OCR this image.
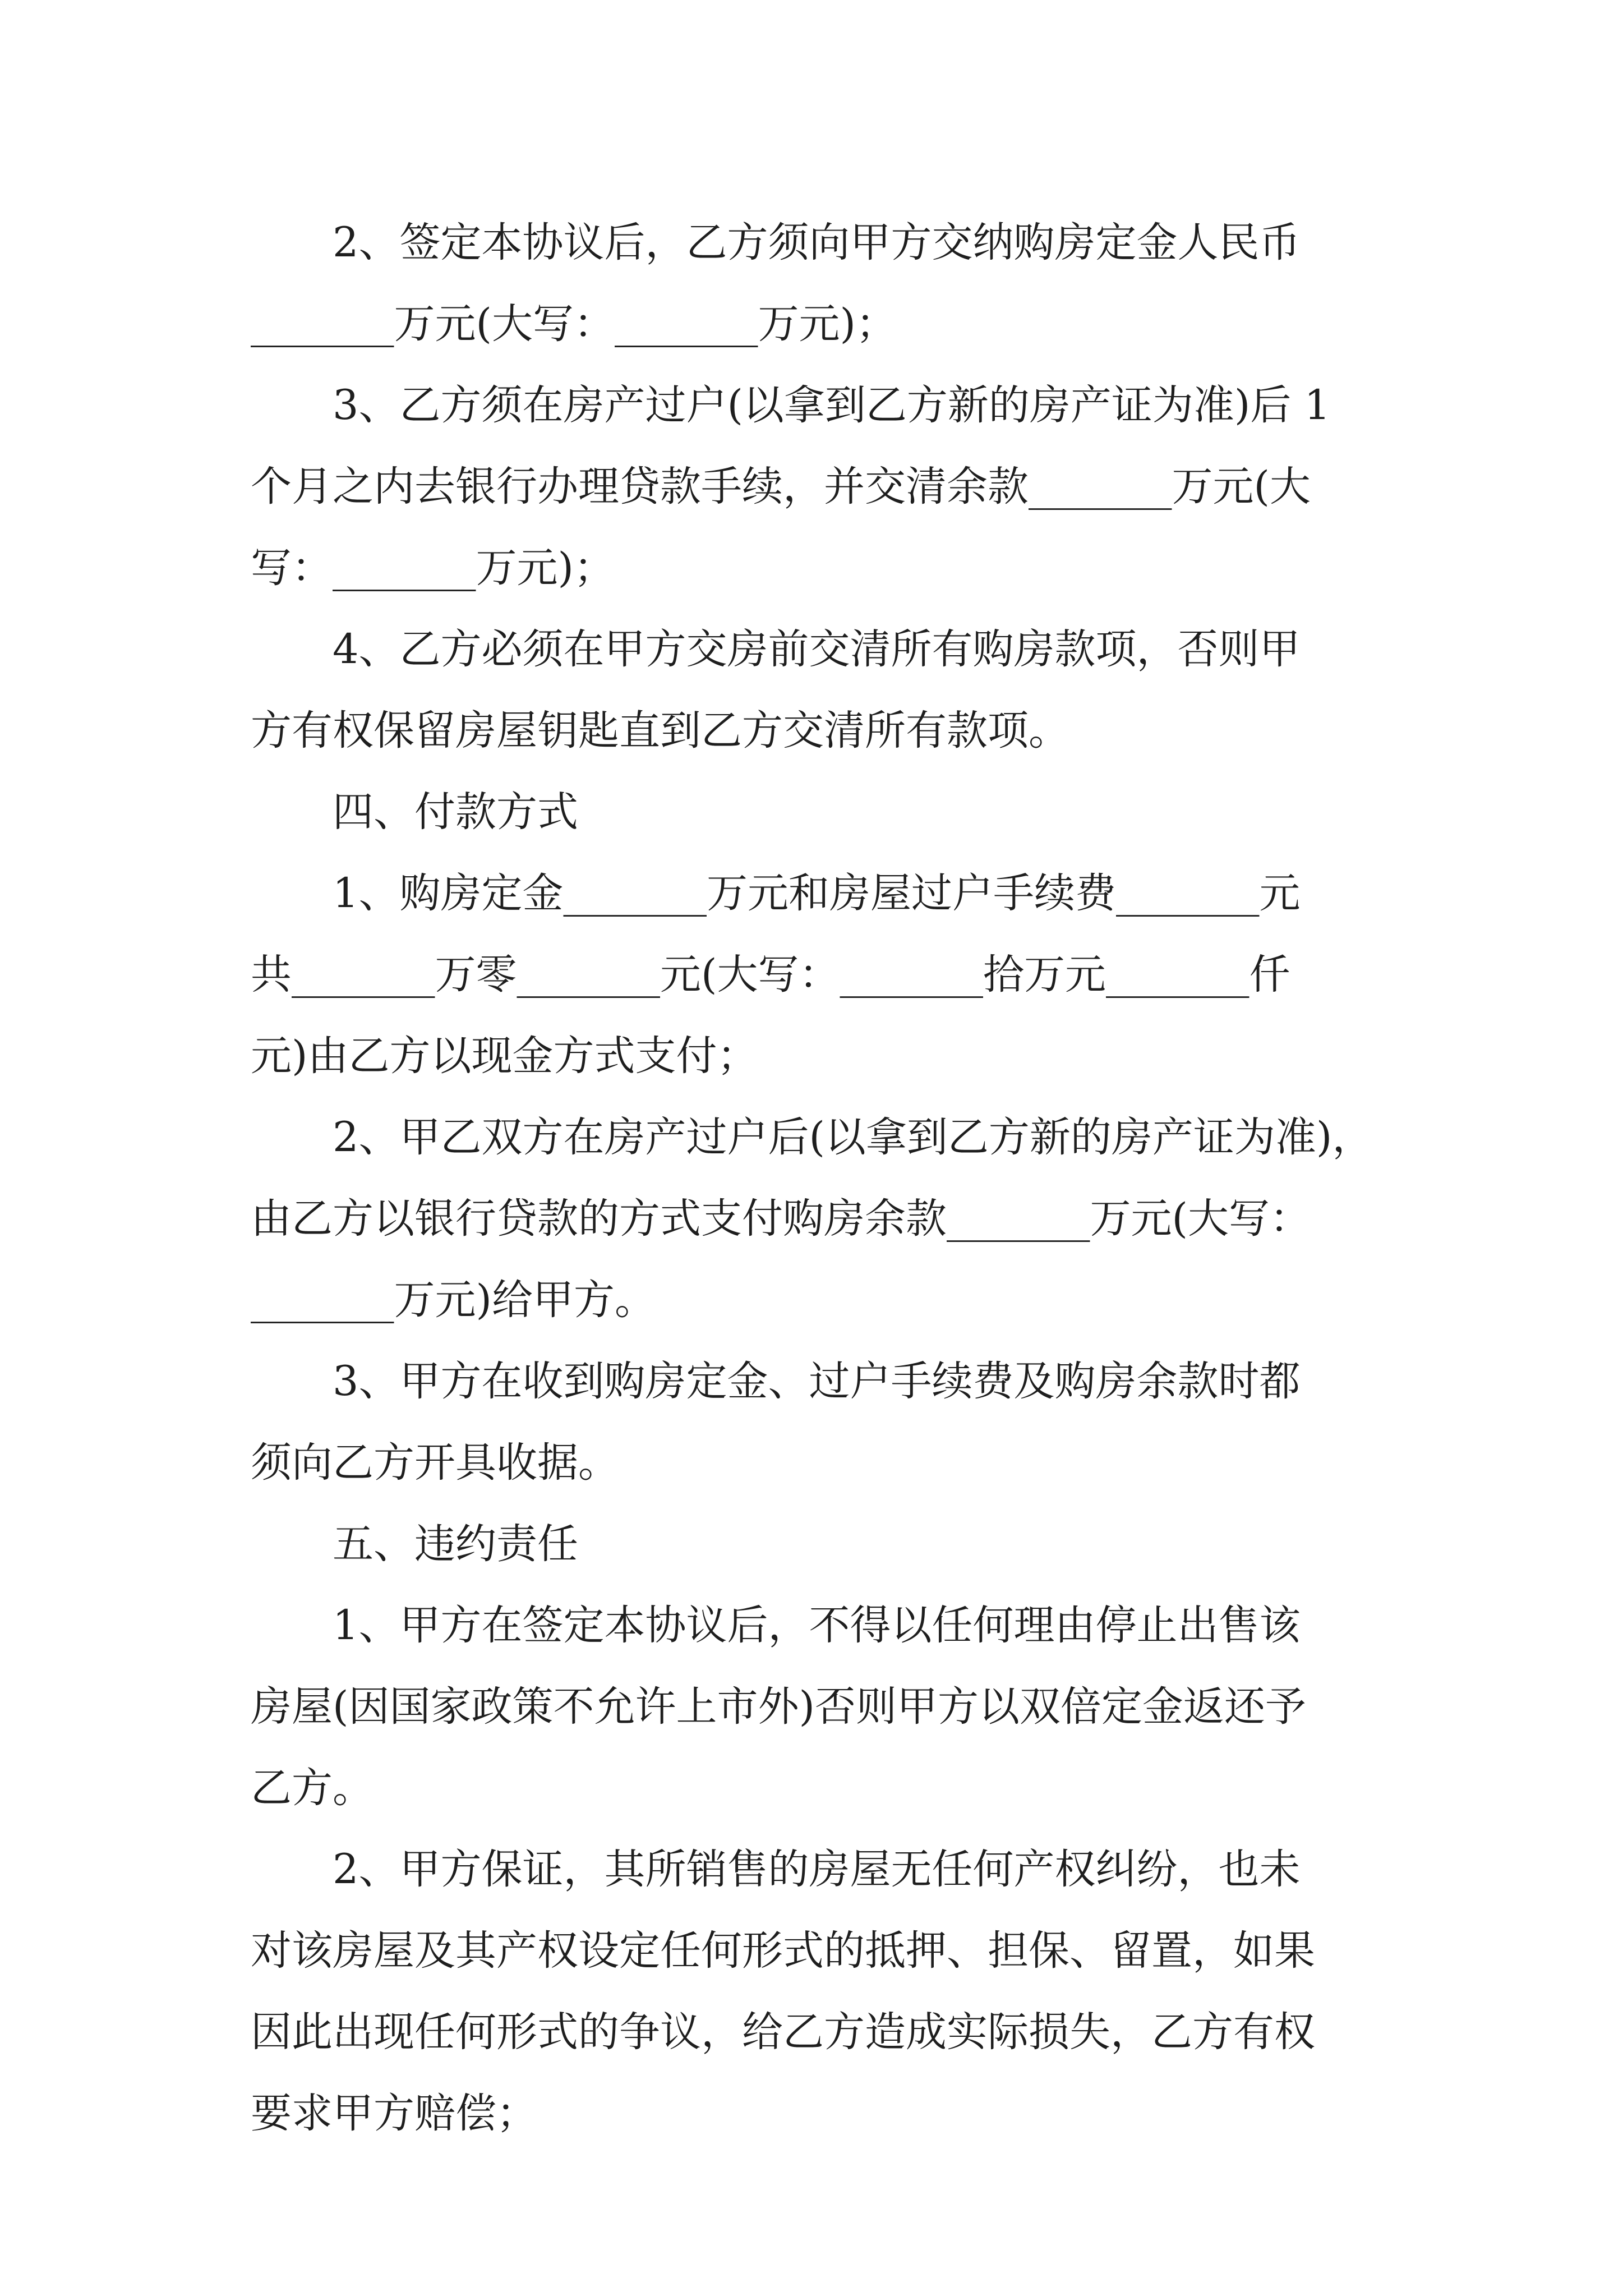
2、签定本协议后，乙方须向甲方交纳购房定金人民币
_______万元(大写：_______万元)；
3、乙方须在房产过户(以拿到乙方新的房产证为准)后 1
个月之内去银行办理贷款手续，并交清余款_______万元(大
写：_______万元)；
4、乙方必须在甲方交房前交清所有购房款项，否则甲
方有权保留房屋钥匙直到乙方交清所有款项。
四、付款方式
1、购房定金_______万元和房屋过户手续费_______元
共_______万零_______元(大写：_______拾万元_______仟
元)由乙方以现金方式支付；
2、甲乙双方在房产过户后(以拿到乙方新的房产证为准)，
由乙方以银行贷款的方式支付购房余款_______万元(大写：
_______万元)给甲方。
3、甲方在收到购房定金、过户手续费及购房余款时都
须向乙方开具收据。
五、违约责任
1、甲方在签定本协议后，不得以任何理由停止出售该
房屋(因国家政策不允许上市外)否则甲方以双倍定金返还予
乙方。
2、甲方保证，其所销售的房屋无任何产权纠纷，也未
对该房屋及其产权设定任何形式的抵押、担保、留置，如果
因此出现任何形式的争议，给乙方造成实际损失，乙方有权
要求甲方赔偿；
